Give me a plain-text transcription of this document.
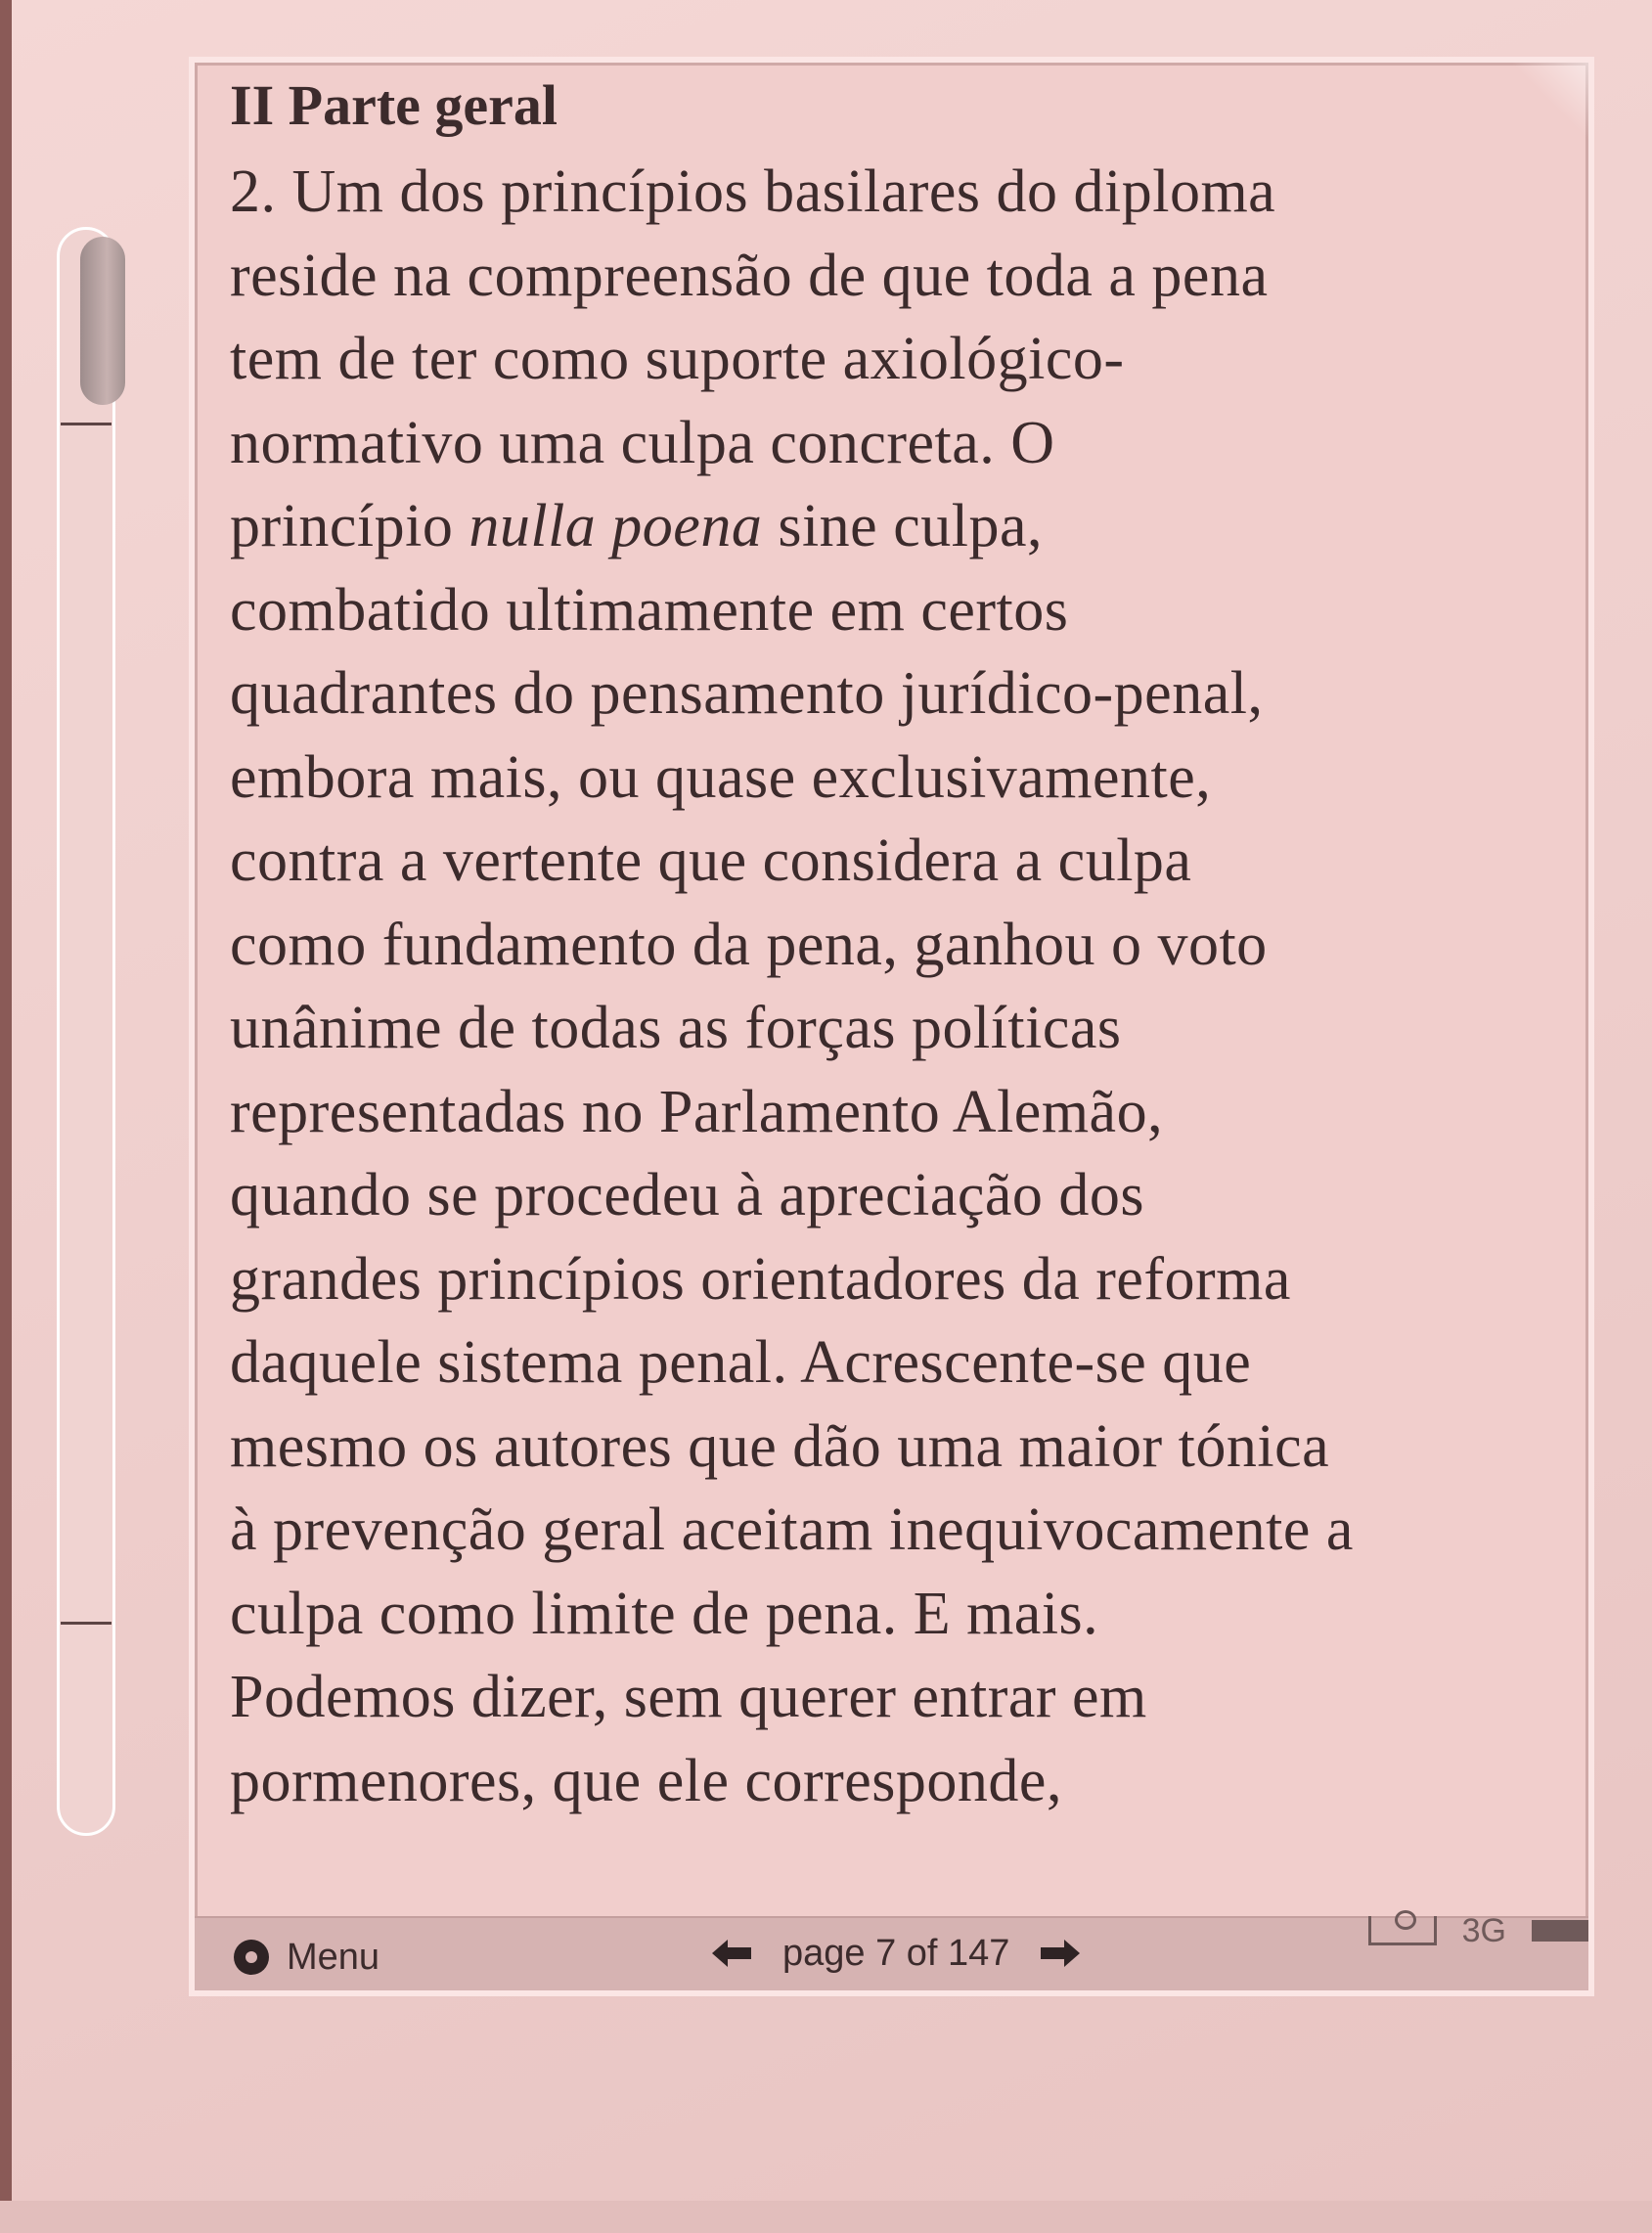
II Parte geral
2. Um dos princípios basilares do diploma
reside na compreensão de que toda a pena
tem de ter como suporte axiológico-
normativo uma culpa concreta. O
princípio nulla poena sine culpa,
combatido ultimamente em certos
quadrantes do pensamento jurídico-penal,
embora mais, ou quase exclusivamente,
contra a vertente que considera a culpa
como fundamento da pena, ganhou o voto
unânime de todas as forças políticas
representadas no Parlamento Alemão,
quando se procedeu à apreciação dos
grandes princípios orientadores da reforma
daquele sistema penal. Acrescente-se que
mesmo os autores que dão uma maior tónica
à prevenção geral aceitam inequivocamente a
culpa como limite de pena. E mais.
Podemos dizer, sem querer entrar em
pormenores, que ele corresponde,
Menu	page 7 of 147
3G
